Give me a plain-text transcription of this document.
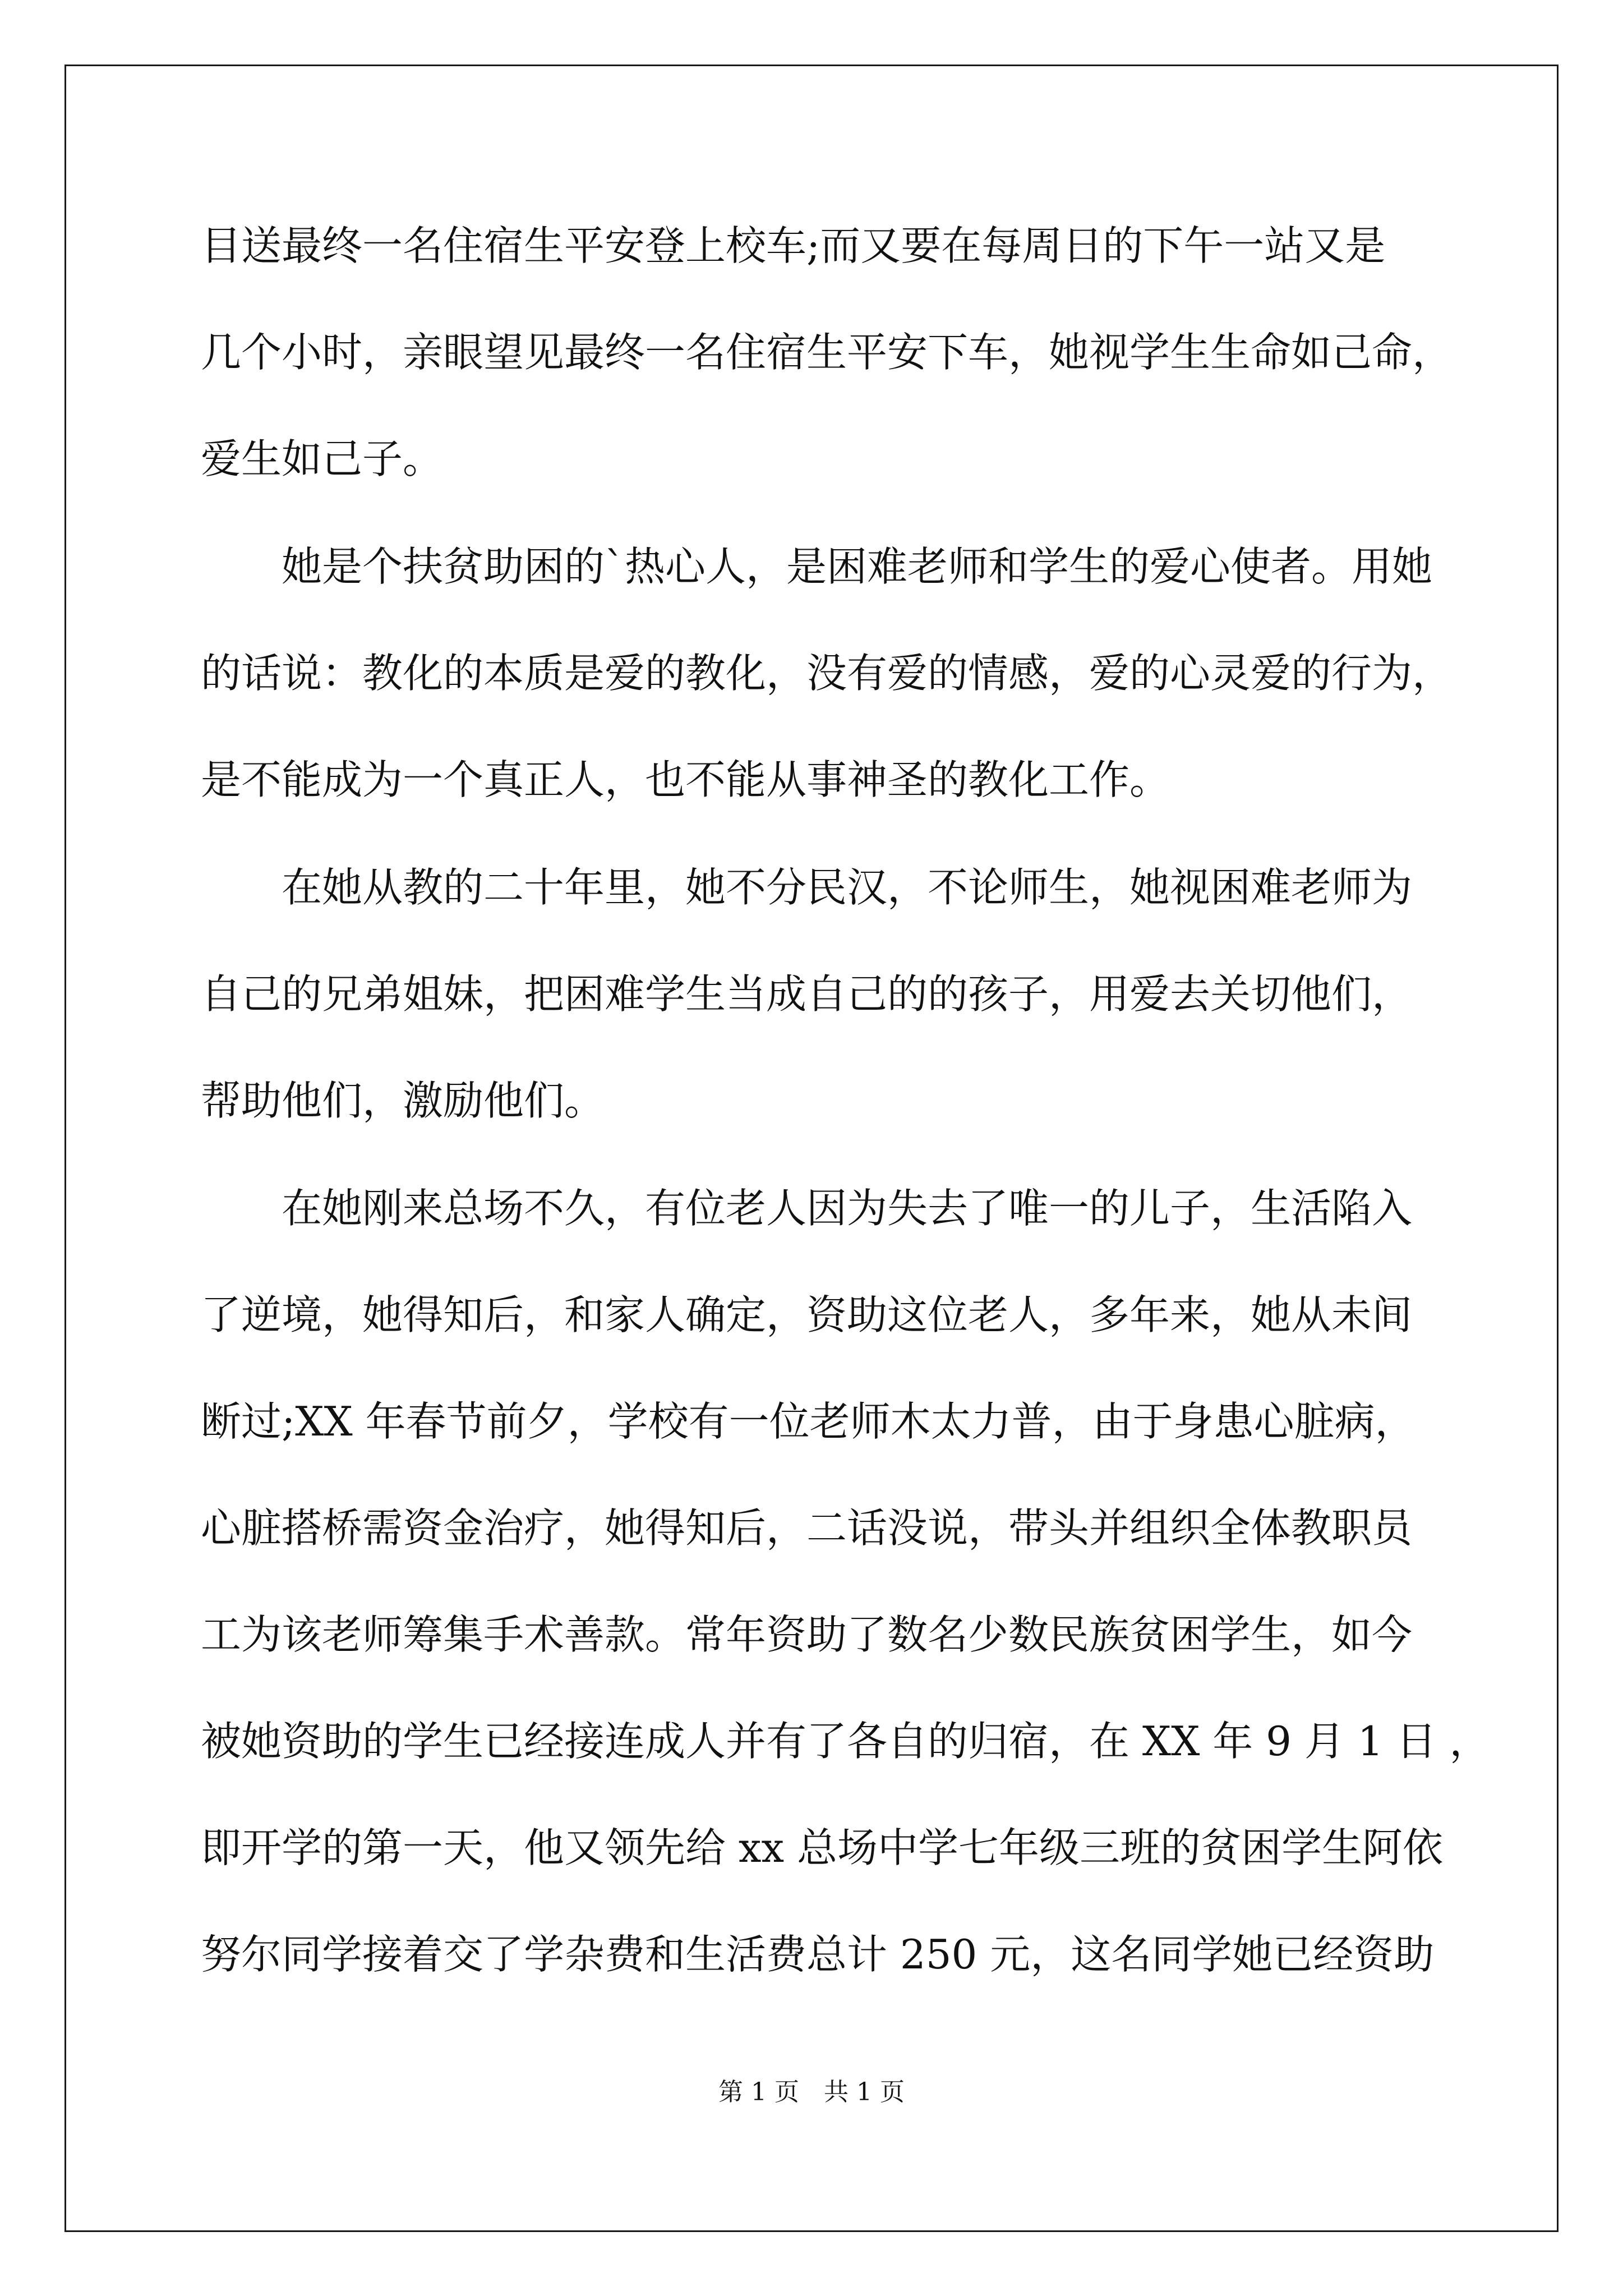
目送最终一名住宿生平安登上校车;而又要在每周日的下午一站又是

几个小时，亲眼望见最终一名住宿生平安下车，她视学生生命如己命，

爱生如己子。

她是个扶贫助困的`热心人，是困难老师和学生的爱心使者。用她

的话说：教化的本质是爱的教化，没有爱的情感，爱的心灵爱的行为，

是不能成为一个真正人，也不能从事神圣的教化工作。

在她从教的二十年里，她不分民汉，不论师生，她视困难老师为

自己的兄弟姐妹，把困难学生当成自己的的孩子，用爱去关切他们，

帮助他们，激励他们。

在她刚来总场不久，有位老人因为失去了唯一的儿子，生活陷入

了逆境，她得知后，和家人确定，资助这位老人，多年来，她从未间

断过;XX 年春节前夕，学校有一位老师木太力普，由于身患心脏病，

心脏搭桥需资金治疗，她得知后，二话没说，带头并组织全体教职员

工为该老师筹集手术善款。常年资助了数名少数民族贫困学生，如今

被她资助的学生已经接连成人并有了各自的归宿，在 XX 年 9 月 1 日 ，

即开学的第一天，他又领先给 xx 总场中学七年级三班的贫困学生阿依

努尔同学接着交了学杂费和生活费总计 250 元，这名同学她已经资助

第 1 页　共 1 页
